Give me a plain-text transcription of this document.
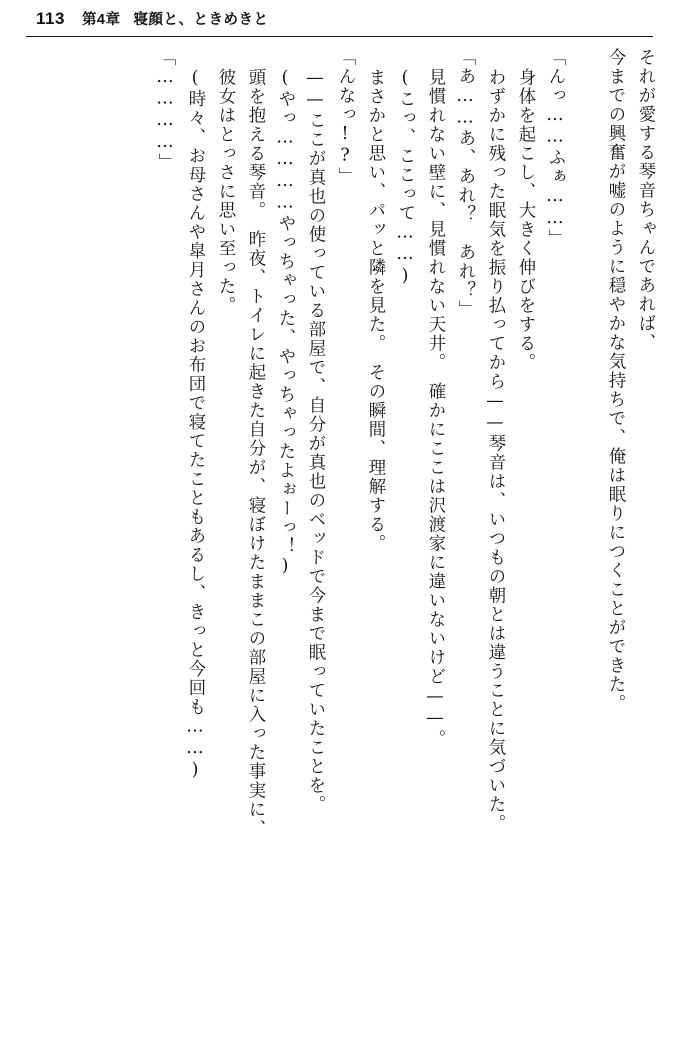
113 第4章 寝顔と、ときめきと
それが愛する琴音ちゃんであれば、
今までの興奮が嘘のように穏やかな気持ちで、俺は眠りにつくことができた。
「んっ……ふぁ……」
身体を起こし、大きく伸びをする。
わずかに残った眠気を振り払ってから——琴音は、いつもの朝とは違うことに気づいた。
「あ……あ、あれ？　あれ？」
見慣れない壁に、見慣れない天井。　確かにここは沢渡家に違いないけど——。
(こっ、ここって……)
まさかと思い、パッと隣を見た。　その瞬間、理解する。
「んなっ!?」
——ここが真也の使っている部屋で、自分が真也のベッドで今まで眠っていたことを。
(やっ…………やっちゃった、やっちゃったよぉーっ！)
頭を抱える琴音。　昨夜、トイレに起きた自分が、寝ぼけたままこの部屋に入った事実に、
彼女はとっさに思い至った。
(時々、お母さんや皐月さんのお布団で寝てたこともあるし、きっと今回も……)
「…………」
